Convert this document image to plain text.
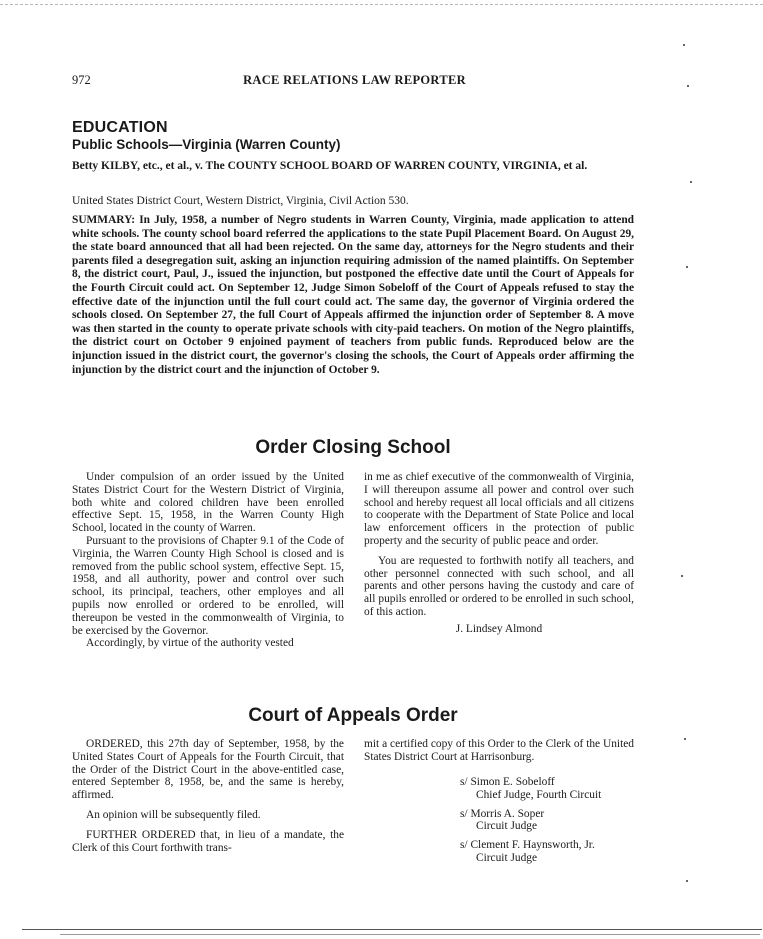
972	RACE RELATIONS LAW REPORTER
EDUCATION
Public Schools—Virginia (Warren County)
Betty KILBY, etc., et al., v. The COUNTY SCHOOL BOARD OF WARREN COUNTY, VIRGINIA, et al.
United States District Court, Western District, Virginia, Civil Action 530.
SUMMARY: In July, 1958, a number of Negro students in Warren County, Virginia, made application to attend white schools. The county school board referred the applications to the state Pupil Placement Board. On August 29, the state board announced that all had been rejected. On the same day, attorneys for the Negro students and their parents filed a desegregation suit, asking an injunction requiring admission of the named plaintiffs. On September 8, the district court, Paul, J., issued the injunction, but postponed the effective date until the Court of Appeals for the Fourth Circuit could act. On September 12, Judge Simon Sobeloff of the Court of Appeals refused to stay the effective date of the injunction until the full court could act. The same day, the governor of Virginia ordered the schools closed. On September 27, the full Court of Appeals affirmed the injunction order of September 8. A move was then started in the county to operate private schools with city-paid teachers. On motion of the Negro plaintiffs, the district court on October 9 enjoined payment of teachers from public funds. Reproduced below are the injunction issued in the district court, the governor's closing the schools, the Court of Appeals order affirming the injunction by the district court and the injunction of October 9.
Order Closing School

Under compulsion of an order issued by the United States District Court for the Western District of Virginia, both white and colored children have been enrolled effective Sept. 15, 1958, in the Warren County High School, located in the county of Warren.

Pursuant to the provisions of Chapter 9.1 of the Code of Virginia, the Warren County High School is closed and is removed from the public school system, effective Sept. 15, 1958, and all authority, power and control over such school, its principal, teachers, other employes and all pupils now enrolled or ordered to be enrolled, will thereupon be vested in the commonwealth of Virginia, to be exercised by the Governor.

Accordingly, by virtue of the authority vested

in me as chief executive of the commonwealth of Virginia, I will thereupon assume all power and control over such school and hereby request all local officials and all citizens to cooperate with the Department of State Police and local law enforcement officers in the protection of public property and the security of public peace and order.

You are requested to forthwith notify all teachers, and other personnel connected with such school, and all parents and other persons having the custody and care of all pupils enrolled or ordered to be enrolled in such school, of this action.

J. Lindsey Almond
Court of Appeals Order

ORDERED, this 27th day of September, 1958, by the United States Court of Appeals for the Fourth Circuit, that the Order of the District Court in the above-entitled case, entered September 8, 1958, be, and the same is hereby, affirmed.

An opinion will be subsequently filed.

FURTHER ORDERED that, in lieu of a mandate, the Clerk of this Court forthwith trans-

mit a certified copy of this Order to the Clerk of the United States District Court at Harrisonburg.

s/ Simon E. Sobeloff
Chief Judge, Fourth Circuit
s/ Morris A. Soper
Circuit Judge
s/ Clement F. Haynsworth, Jr.
Circuit Judge
